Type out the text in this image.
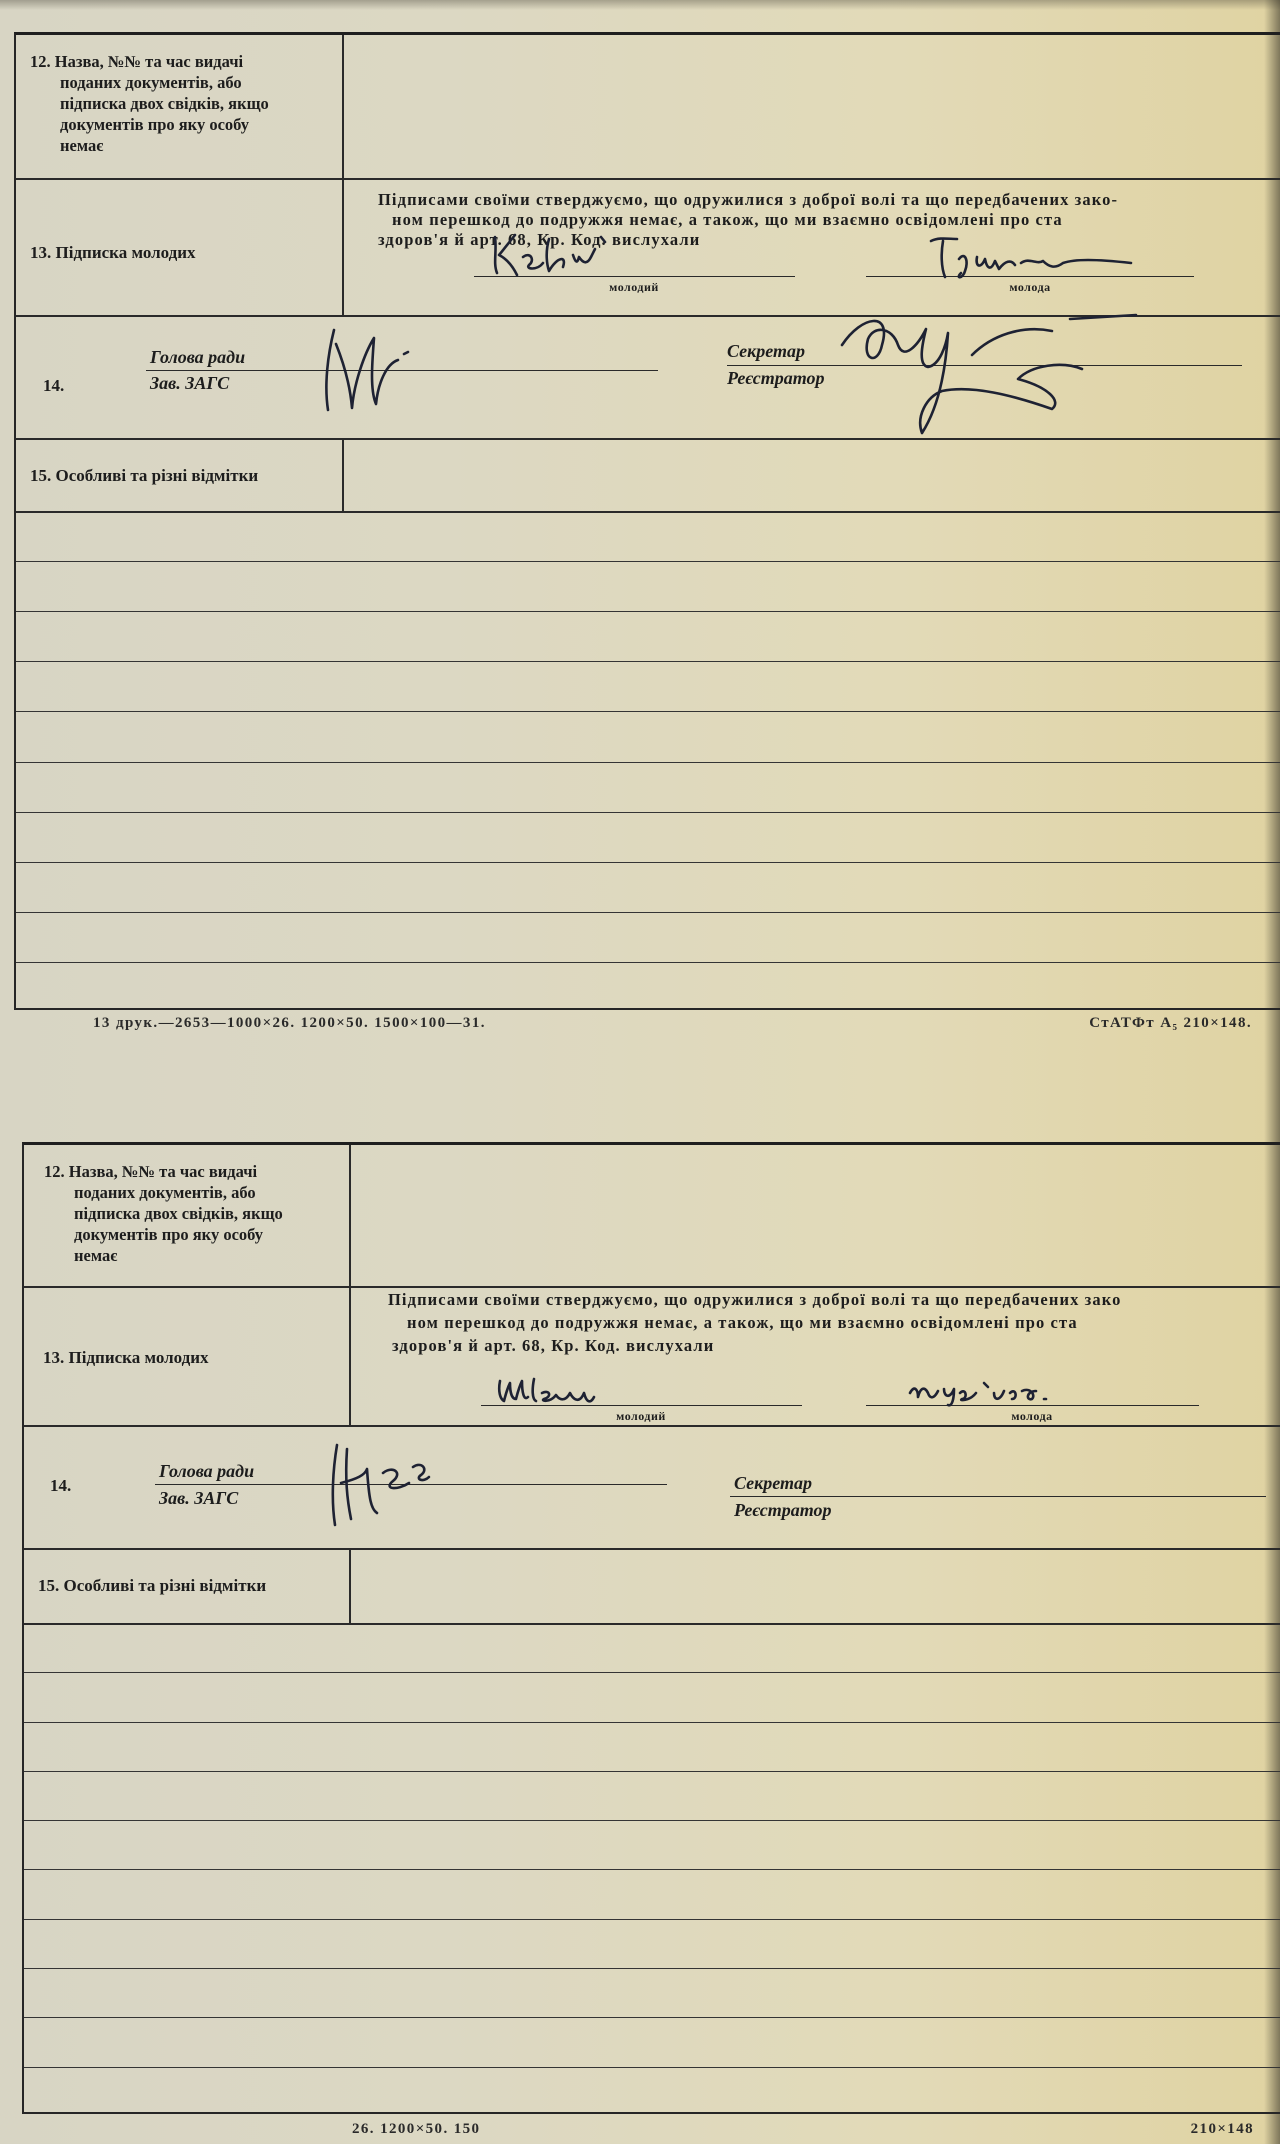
12. Назва, №№ та час видачі
поданих документів, або
підписка двох свідків, якщо
документів про яку особу
немає
13. Підписка молодих
Підписами своїми стверджуємо, що одружилися з доброї волі та що передбачених зако-
ном перешкод до подружжя немає, а також, що ми взаємно освідомлені про ста
здоров'я й арт. 68, Кр. Код. вислухали
молодий	молода
14.
Голова ради
Зав. ЗАГС
Секретар
Реєстратор
15. Особливі та різні відмітки
13 друк.—2653—1000×26. 1200×50. 1500×100—31.	СтАТФт А₅ 210×148.
12. Назва, №№ та час видачі
поданих документів, або
підписка двох свідків, якщо
документів про яку особу
немає
13. Підписка молодих
Підписами своїми стверджуємо, що одружилися з доброї волі та що передбачених зако
ном перешкод до подружжя немає, а також, що ми взаємно освідомлені про ста
здоров'я й арт. 68, Кр. Код. вислухали
молодий	молода
14.
Голова ради
Зав. ЗАГС
Секретар
Реєстратор
15. Особливі та різні відмітки
26. 1200×50. 150	210×148
